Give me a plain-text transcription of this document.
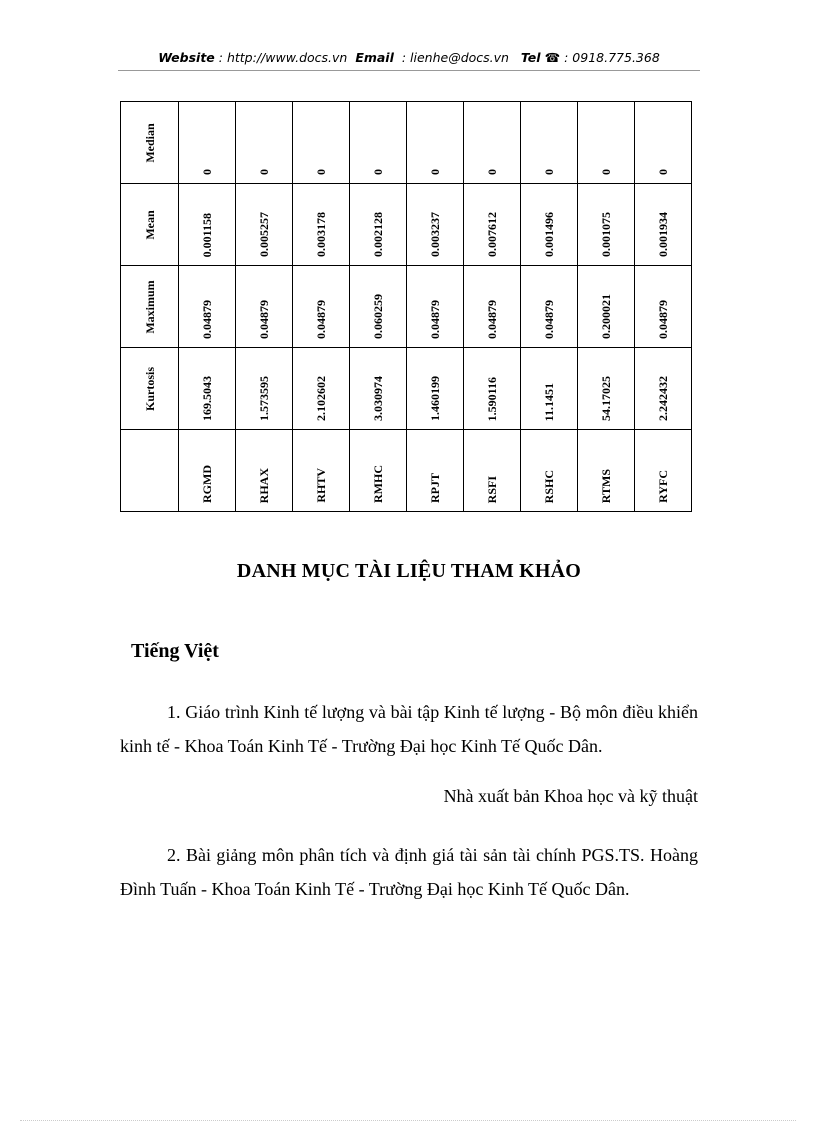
Website : http://www.docs.vn Email : lienhe@docs.vn Tel ☎ : 0918.775.368
Median	0	0	0	0	0	0	0	0	0

Mean	0.001158	0.005257	0.003178	0.002128	0.003237	0.007612	0.001496	0.001075	0.001934

Maximum	0.04879	0.04879	0.04879	0.060259	0.04879	0.04879	0.04879	0.200021	0.04879

Kurtosis	169.5043	1.573595	2.102602	3.030974	1.460199	1.590116	11.1451	54.17025	2.242432

	RGMD	RHAX	RHTV	RMHC	RPJT	RSFI	RSHC	RTMS	RYFC
DANH MỤC TÀI LIỆU THAM KHẢO
Tiếng Việt
1. Giáo trình Kinh tế lượng và bài tập Kinh tế lượng - Bộ môn điều khiển kinh tế - Khoa Toán Kinh Tế - Trường Đại học Kinh Tế Quốc Dân.
Nhà xuất bản Khoa học và kỹ thuật
2. Bài giảng môn phân tích và định giá tài sản tài chính PGS.TS. Hoàng Đình Tuấn - Khoa Toán Kinh Tế - Trường Đại học Kinh Tế Quốc Dân.
